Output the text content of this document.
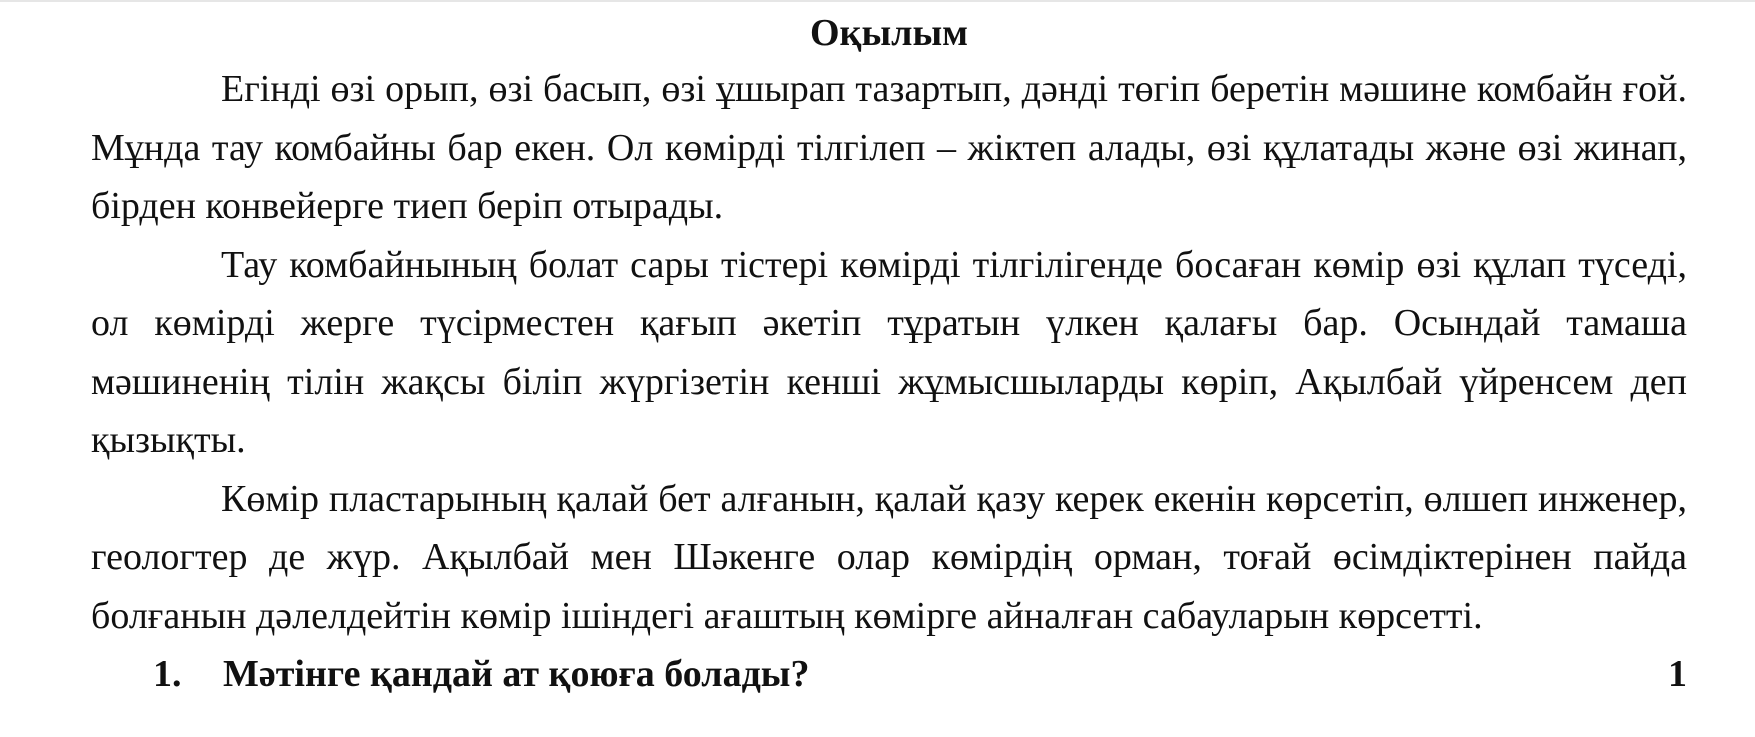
Оқылым

Егінді өзі орып, өзі басып, өзі ұшырап тазартып, дәнді төгіп беретін мәшине комбайн ғой. Мұнда тау комбайны бар екен. Ол көмірді тілгілеп – жіктеп алады, өзі құлатады және өзі жинап, бірден конвейерге тиеп беріп отырады.

Тау комбайнының болат сары тістері көмірді тілгілігенде босаған көмір өзі құлап түседі, ол көмірді жерге түсірместен қағып әкетіп тұратын үлкен қалағы бар. Осындай тамаша мәшиненің тілін жақсы біліп жүргізетін кенші жұмысшыларды көріп, Ақылбай үйренсем деп қызықты.

Көмір пластарының қалай бет алғанын, қалай қазу керек екенін көрсетіп, өлшеп инженер, геологтер де жүр. Ақылбай мен Шәкенге олар көмірдің орман, тоғай өсімдіктерінен пайда болғанын дәлелдейтін көмір ішіндегі ағаштың көмірге айналған сабауларын көрсетті.

1. Мәтінге қандай ат қоюға болады?	1
